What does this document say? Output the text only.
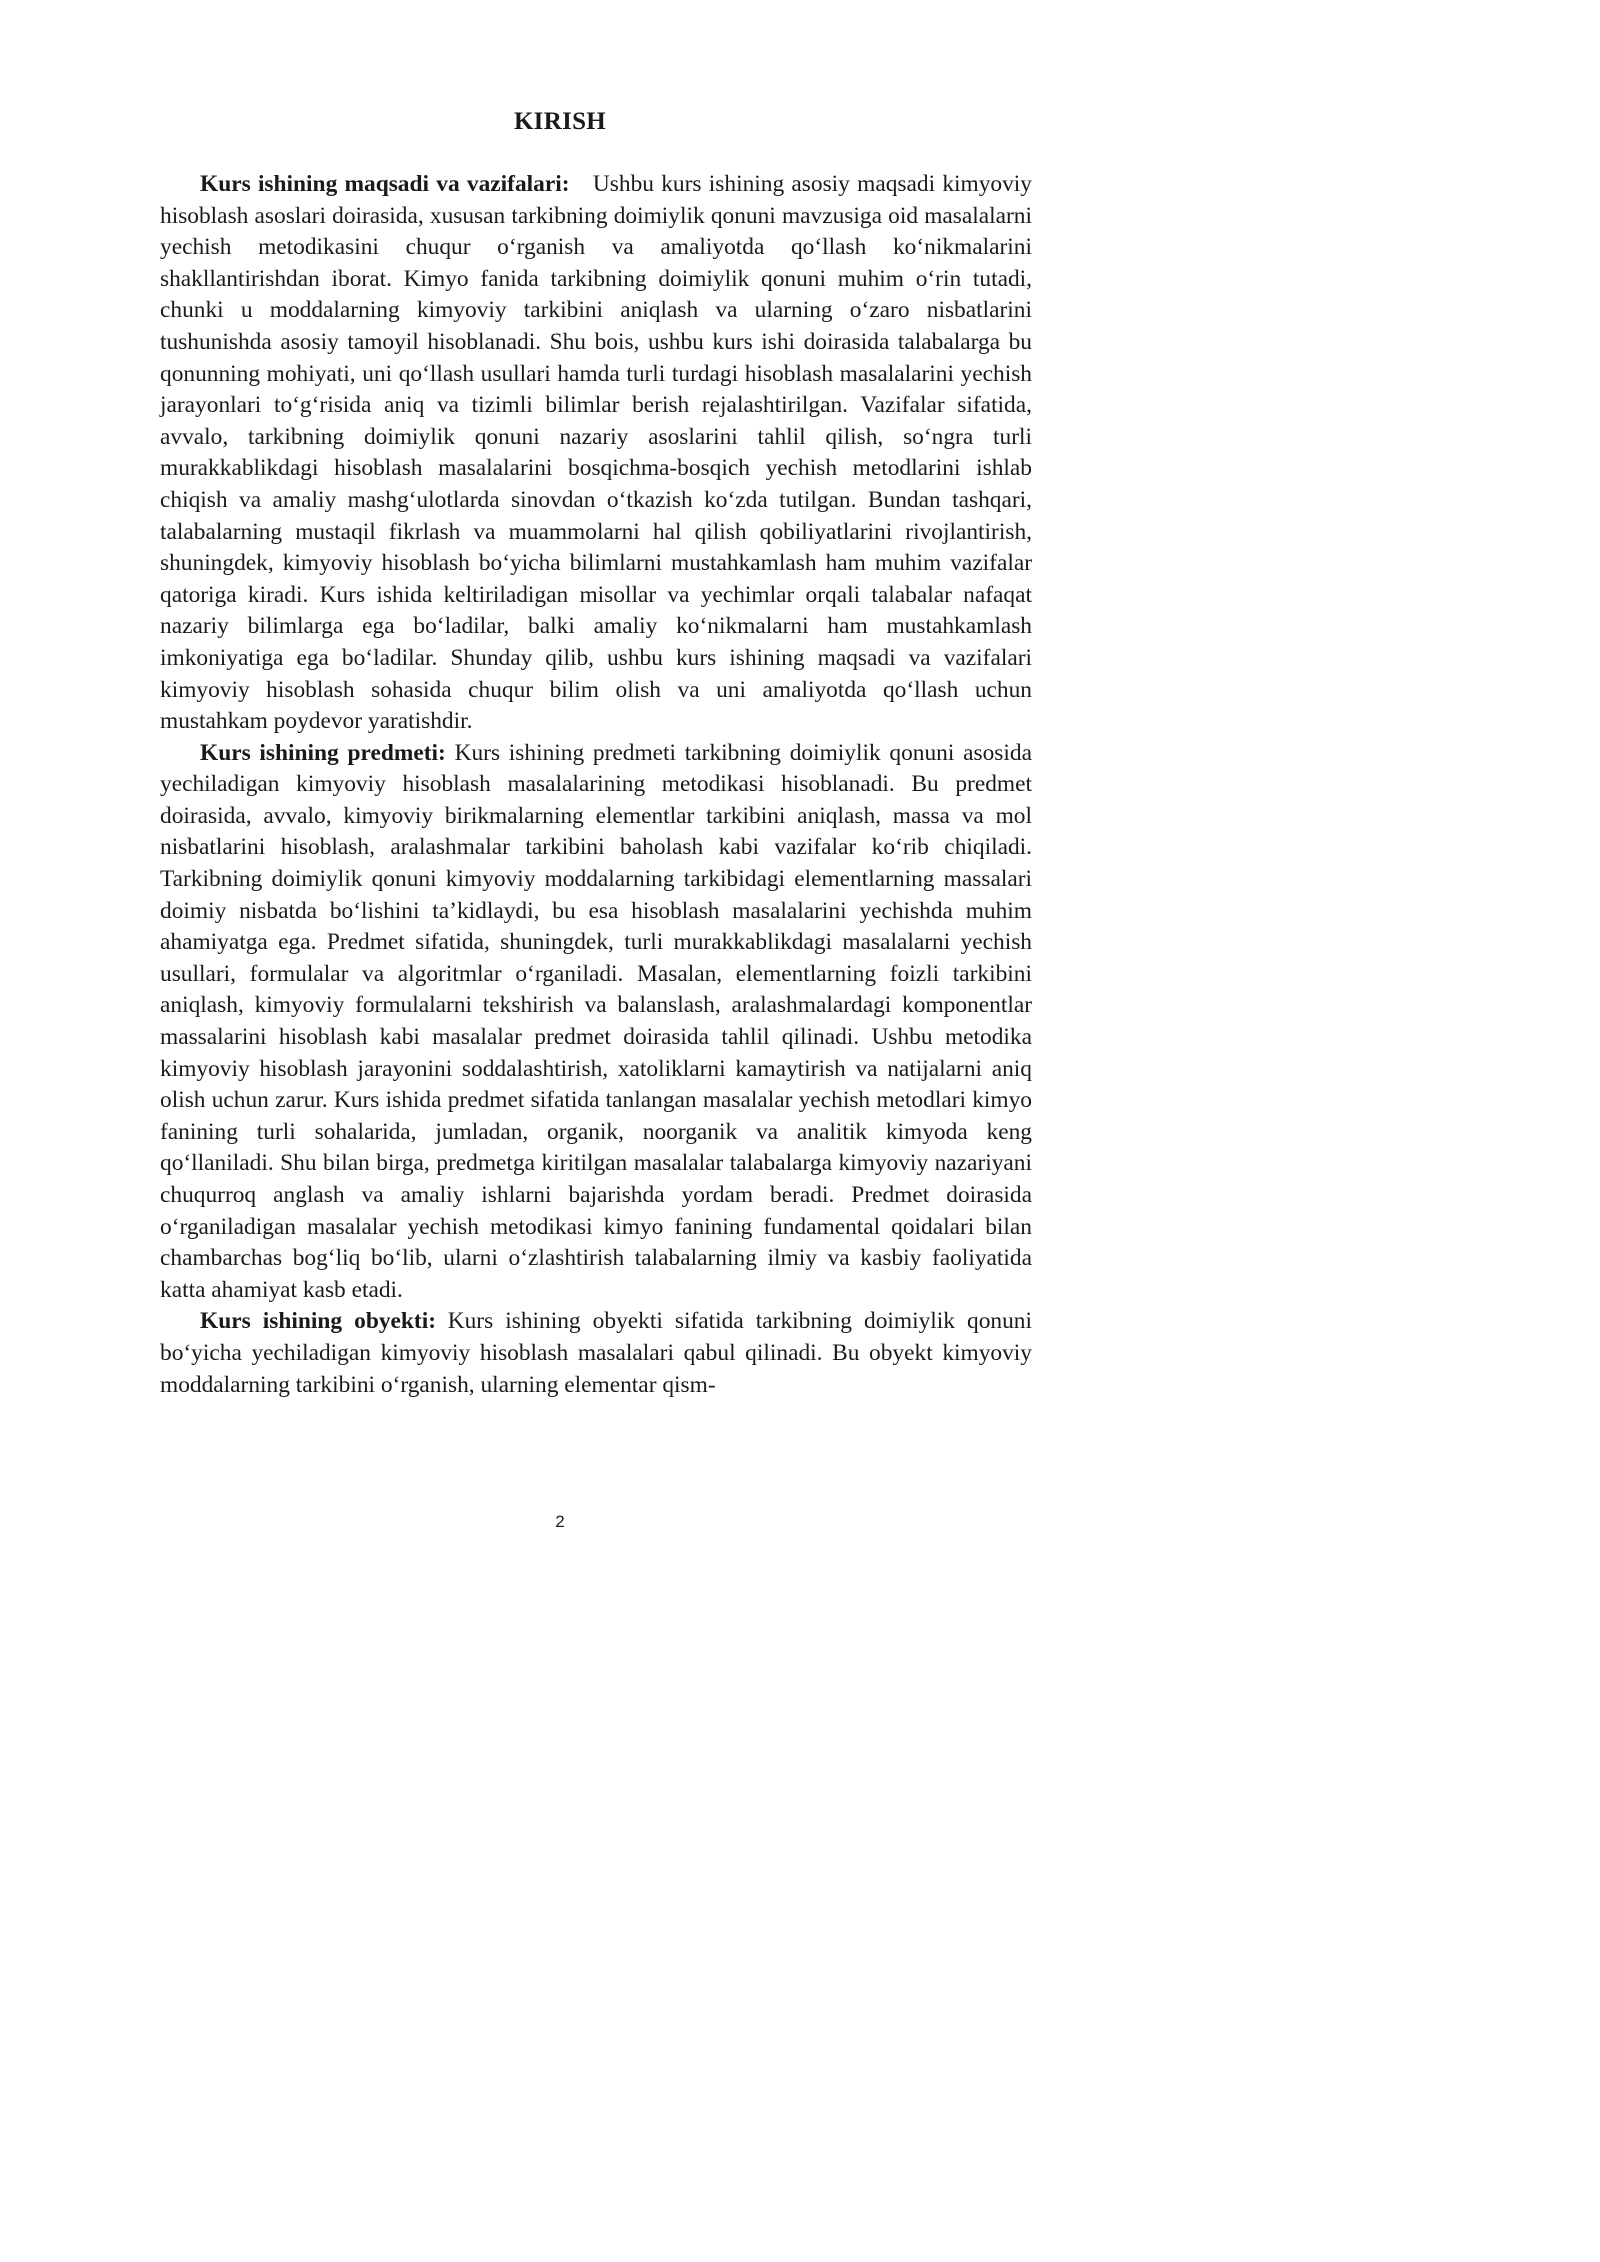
KIRISH

Kurs ishining maqsadi va vazifalari:  Ushbu kurs ishining asosiy maqsadi kimyoviy hisoblash asoslari doirasida, xususan tarkibning doimiylik qonuni mavzusiga oid masalalarni yechish metodikasini chuqur o‘rganish va amaliyotda qo‘llash ko‘nikmalarini shakllantirishdan iborat. Kimyo fanida tarkibning doimiylik qonuni muhim o‘rin tutadi, chunki u moddalarning kimyoviy tarkibini aniqlash va ularning o‘zaro nisbatlarini tushunishda asosiy tamoyil hisoblanadi. Shu bois, ushbu kurs ishi doirasida talabalarga bu qonunning mohiyati, uni qo‘llash usullari hamda turli turdagi hisoblash masalalarini yechish jarayonlari to‘g‘risida aniq va tizimli bilimlar berish rejalashtirilgan. Vazifalar sifatida, avvalo, tarkibning doimiylik qonuni nazariy asoslarini tahlil qilish, so‘ngra turli murakkablikdagi hisoblash masalalarini bosqichma-bosqich yechish metodlarini ishlab chiqish va amaliy mashg‘ulotlarda sinovdan o‘tkazish ko‘zda tutilgan. Bundan tashqari, talabalarning mustaqil fikrlash va muammolarni hal qilish qobiliyatlarini rivojlantirish, shuningdek, kimyoviy hisoblash bo‘yicha bilimlarni mustahkamlash ham muhim vazifalar qatoriga kiradi. Kurs ishida keltiriladigan misollar va yechimlar orqali talabalar nafaqat nazariy bilimlarga ega bo‘ladilar, balki amaliy ko‘nikmalarni ham mustahkamlash imkoniyatiga ega bo‘ladilar. Shunday qilib, ushbu kurs ishining maqsadi va vazifalari kimyoviy hisoblash sohasida chuqur bilim olish va uni amaliyotda qo‘llash uchun mustahkam poydevor yaratishdir.

Kurs ishining predmeti: Kurs ishining predmeti tarkibning doimiylik qonuni asosida yechiladigan kimyoviy hisoblash masalalarining metodikasi hisoblanadi. Bu predmet doirasida, avvalo, kimyoviy birikmalarning elementlar tarkibini aniqlash, massa va mol nisbatlarini hisoblash, aralashmalar tarkibini baholash kabi vazifalar ko‘rib chiqiladi. Tarkibning doimiylik qonuni kimyoviy moddalarning tarkibidagi elementlarning massalari doimiy nisbatda bo‘lishini ta’kidlaydi, bu esa hisoblash masalalarini yechishda muhim ahamiyatga ega. Predmet sifatida, shuningdek, turli murakkablikdagi masalalarni yechish usullari, formulalar va algoritmlar o‘rganiladi. Masalan, elementlarning foizli tarkibini aniqlash, kimyoviy formulalarni tekshirish va balanslash, aralashmalardagi komponentlar massalarini hisoblash kabi masalalar predmet doirasida tahlil qilinadi. Ushbu metodika kimyoviy hisoblash jarayonini soddalashtirish, xatoliklarni kamaytirish va natijalarni aniq olish uchun zarur. Kurs ishida predmet sifatida tanlangan masalalar yechish metodlari kimyo fanining turli sohalarida, jumladan, organik, noorganik va analitik kimyoda keng qo‘llaniladi. Shu bilan birga, predmetga kiritilgan masalalar talabalarga kimyoviy nazariyani chuqurroq anglash va amaliy ishlarni bajarishda yordam beradi. Predmet doirasida o‘rganiladigan masalalar yechish metodikasi kimyo fanining fundamental qoidalari bilan chambarchas bog‘liq bo‘lib, ularni o‘zlashtirish talabalarning ilmiy va kasbiy faoliyatida katta ahamiyat kasb etadi.

Kurs ishining obyekti:  Kurs ishining obyekti sifatida tarkibning doimiylik qonuni bo‘yicha yechiladigan kimyoviy hisoblash masalalari qabul qilinadi. Bu obyekt kimyoviy moddalarning tarkibini o‘rganish, ularning elementar qism-

2
